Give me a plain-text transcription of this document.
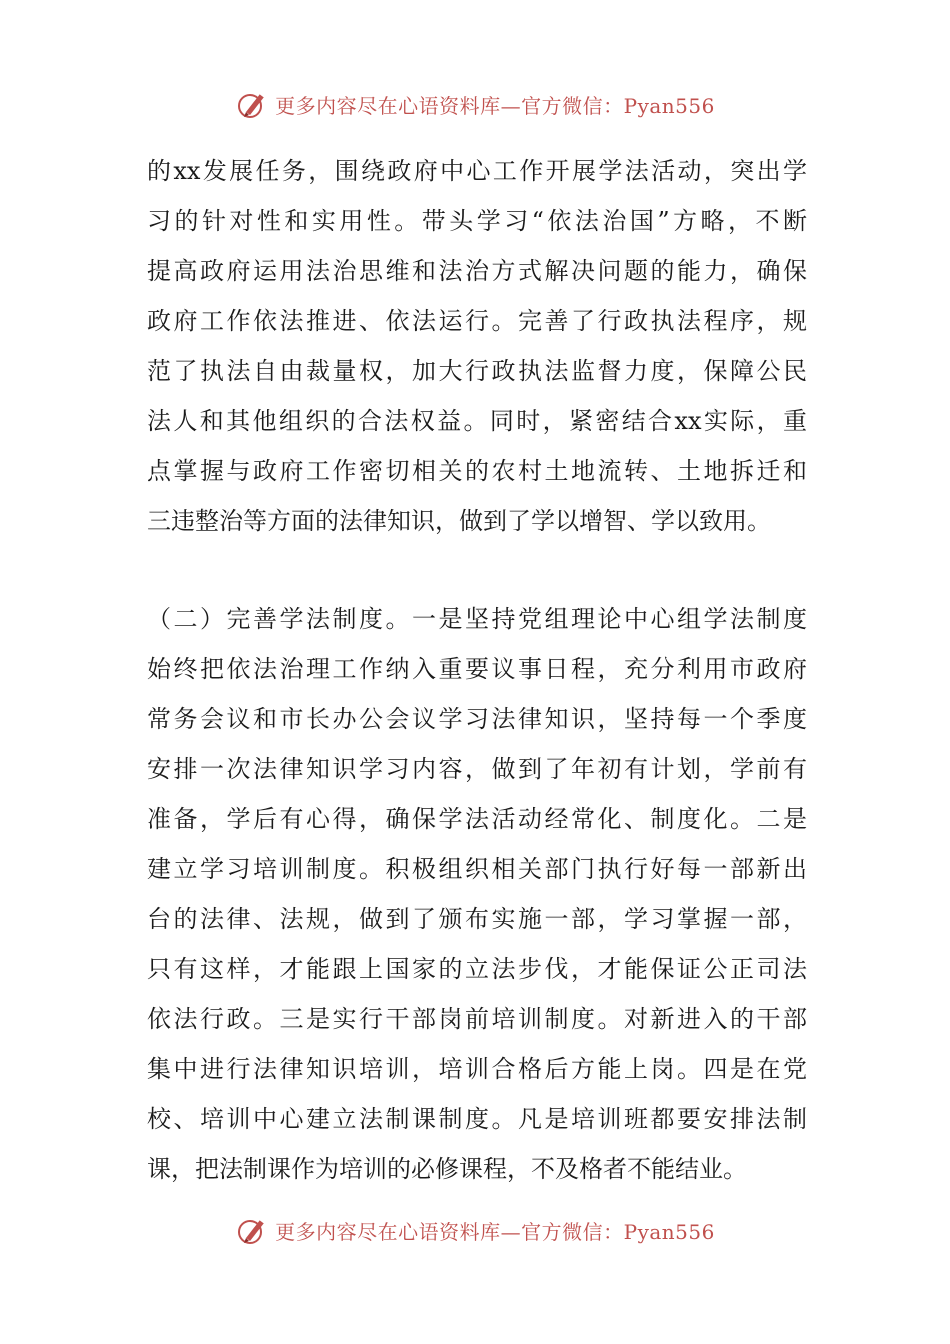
更多内容尽在心语资料库—官方微信：Pyan556
的xx发展任务，围绕政府中心工作开展学法活动，突出学
习的针对性和实用性。带头学习“依法治国”方略，不断
提高政府运用法治思维和法治方式解决问题的能力，确保
政府工作依法推进、依法运行。完善了行政执法程序，规
范了执法自由裁量权，加大行政执法监督力度，保障公民
法人和其他组织的合法权益。同时，紧密结合xx实际，重
点掌握与政府工作密切相关的农村土地流转、土地拆迁和
三违整治等方面的法律知识，做到了学以增智、学以致用。
（二）完善学法制度。一是坚持党组理论中心组学法制度
始终把依法治理工作纳入重要议事日程，充分利用市政府
常务会议和市长办公会议学习法律知识，坚持每一个季度
安排一次法律知识学习内容，做到了年初有计划，学前有
准备，学后有心得，确保学法活动经常化、制度化。二是
建立学习培训制度。积极组织相关部门执行好每一部新出
台的法律、法规，做到了颁布实施一部，学习掌握一部，
只有这样，才能跟上国家的立法步伐，才能保证公正司法
依法行政。三是实行干部岗前培训制度。对新进入的干部
集中进行法律知识培训，培训合格后方能上岗。四是在党
校、培训中心建立法制课制度。凡是培训班都要安排法制
课，把法制课作为培训的必修课程，不及格者不能结业。
更多内容尽在心语资料库—官方微信：Pyan556
